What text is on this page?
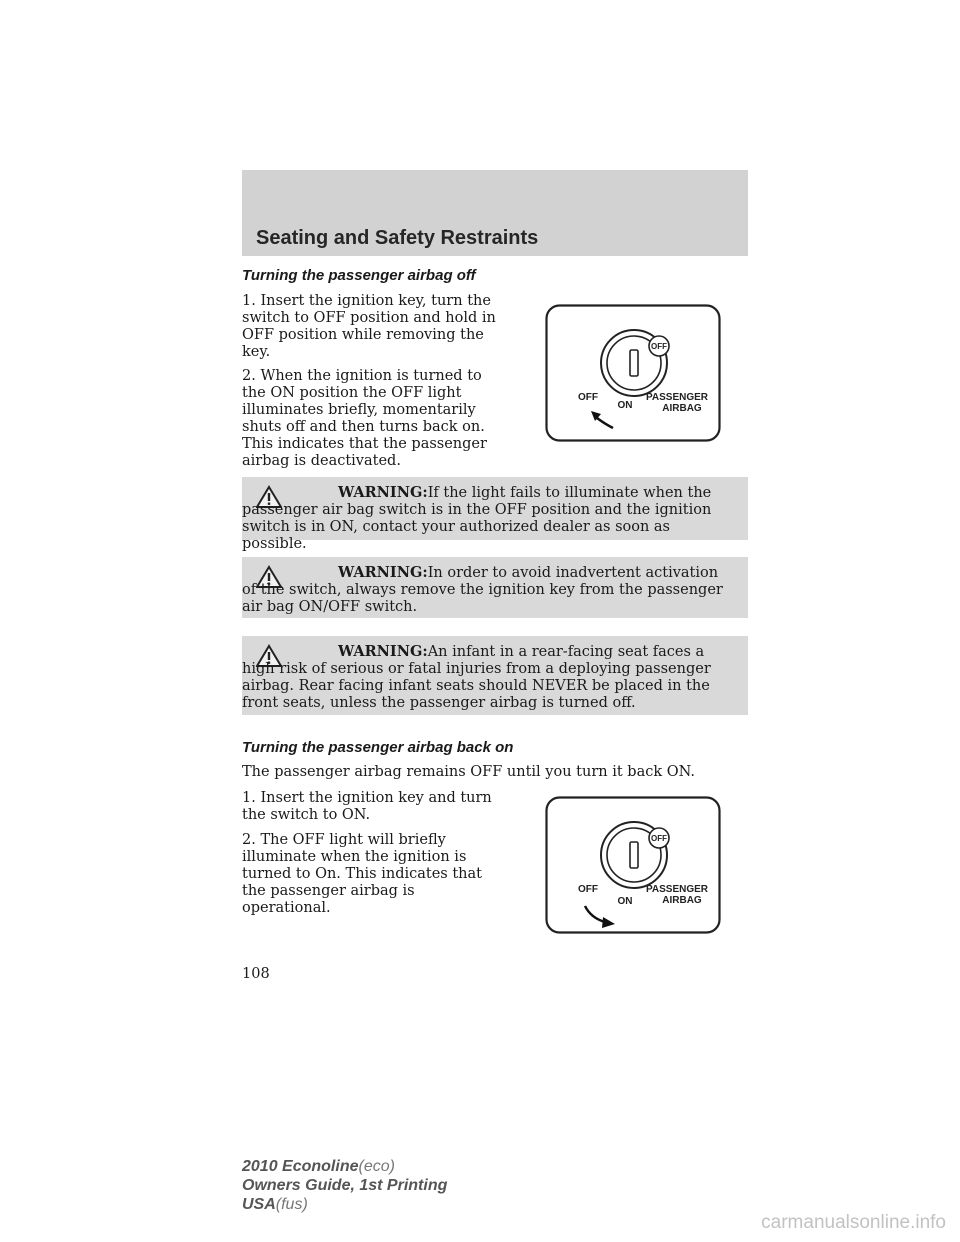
Seating and Safety Restraints
Turning the passenger airbag off

1. Insert the ignition key, turn the switch to OFF position and hold in OFF position while removing the key.

2. When the ignition is turned to the ON position the OFF light illuminates briefly, momentarily shuts off and then turns back on. This indicates that the passenger airbag is deactivated.

OFF
OFF
ON
PASSENGER
AIRBAG
WARNING:If the light fails to illuminate when the passenger air bag switch is in the OFF position and the ignition switch is in ON, contact your authorized dealer as soon as possible.
WARNING:In order to avoid inadvertent activation of the switch, always remove the ignition key from the passenger air bag ON/OFF switch.
WARNING:An infant in a rear-facing seat faces a high risk of serious or fatal injuries from a deploying passenger airbag. Rear facing infant seats should NEVER be placed in the front seats, unless the passenger airbag is turned off.
Turning the passenger airbag back on

The passenger airbag remains OFF until you turn it back ON.

1. Insert the ignition key and turn the switch to ON.

2. The OFF light will briefly illuminate when the ignition is turned to On. This indicates that the passenger airbag is operational.

OFF
OFF
ON
PASSENGER
AIRBAG
108
2010 Econoline(eco)
Owners Guide, 1st Printing
USA(fus)
carmanualsonline.info
